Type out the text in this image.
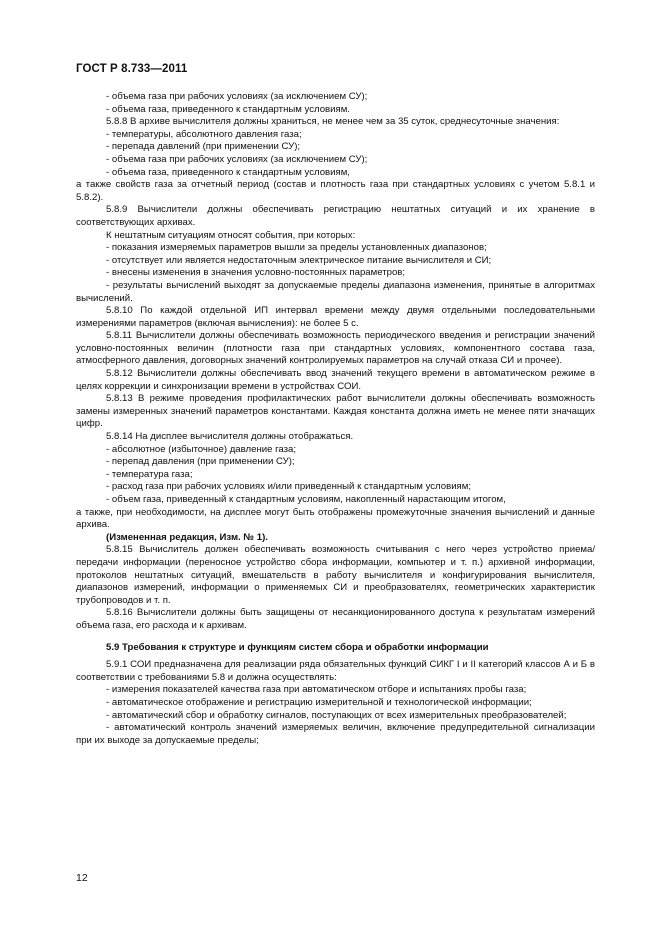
ГОСТ Р 8.733—2011

- объема газа при рабочих условиях (за исключением СУ);

- объема газа, приведенного к стандартным условиям.

5.8.8 В архиве вычислителя должны храниться, не менее чем за 35 суток, среднесуточные значения:

- температуры, абсолютного давления газа;

- перепада давлений (при применении СУ);

- объема газа при рабочих условиях (за исключением СУ);

- объема газа, приведенного к стандартным условиям,

а также свойств газа за отчетный период (состав и плотность газа при стандартных условиях с учетом 5.8.1 и 5.8.2).

5.8.9 Вычислители должны обеспечивать регистрацию нештатных ситуаций и их хранение в соответствующих архивах.

К нештатным ситуациям относят события, при которых:

- показания измеряемых параметров вышли за пределы установленных диапазонов;

- отсутствует или является недостаточным электрическое питание вычислителя и СИ;

- внесены изменения в значения условно-постоянных параметров;

- результаты вычислений выходят за допускаемые пределы диапазона изменения, принятые в алгоритмах вычислений.

5.8.10 По каждой отдельной ИП интервал времени между двумя отдельными последовательными измерениями параметров (включая вычисления): не более 5 с.

5.8.11 Вычислители должны обеспечивать возможность периодического введения и регистрации значений условно-постоянных величин (плотности газа при стандартных условиях, компонентного состава газа, атмосферного давления, договорных значений контролируемых параметров на случай отказа СИ и прочее).

5.8.12 Вычислители должны обеспечивать ввод значений текущего времени в автоматическом режиме в целях коррекции и синхронизации времени в устройствах СОИ.

5.8.13 В режиме проведения профилактических работ вычислители должны обеспечивать возможность замены измеренных значений параметров константами. Каждая константа должна иметь не менее пяти значащих цифр.

5.8.14 На дисплее вычислителя должны отображаться.

- абсолютное (избыточное) давление газа;

- перепад давления (при применении СУ);

- температура газа;

- расход газа при рабочих условиях и/или приведенный к стандартным условиям;

- объем газа, приведенный к стандартным условиям, накопленный нарастающим итогом,

а также, при необходимости, на дисплее могут быть отображены промежуточные значения вычислений и данные архива.

(Измененная редакция, Изм. № 1).

5.8.15 Вычислитель должен обеспечивать возможность считывания с него через устройство приема/передачи информации (переносное устройство сбора информации, компьютер и т. п.) архивной информации, протоколов нештатных ситуаций, вмешательств в работу вычислителя и конфигурирования вычислителя, диапазонов измерений, информации о применяемых СИ и преобразователях, геометрических характеристик трубопроводов и т. п.

5.8.16 Вычислители должны быть защищены от несанкционированного доступа к результатам измерений объема газа, его расхода и к архивам.

5.9 Требования к структуре и функциям систем сбора и обработки информации

5.9.1 СОИ предназначена для реализации ряда обязательных функций СИКГ I и II категорий классов А и Б в соответствии с требованиями 5.8 и должна осуществлять:

- измерения показателей качества газа при автоматическом отборе и испытаниях пробы газа;

- автоматическое отображение и регистрацию измерительной и технологической информации;

- автоматический сбор и обработку сигналов, поступающих от всех измерительных преобразователей;

- автоматический контроль значений измеряемых величин, включение предупредительной сигнализации при их выходе за допускаемые пределы;

12
